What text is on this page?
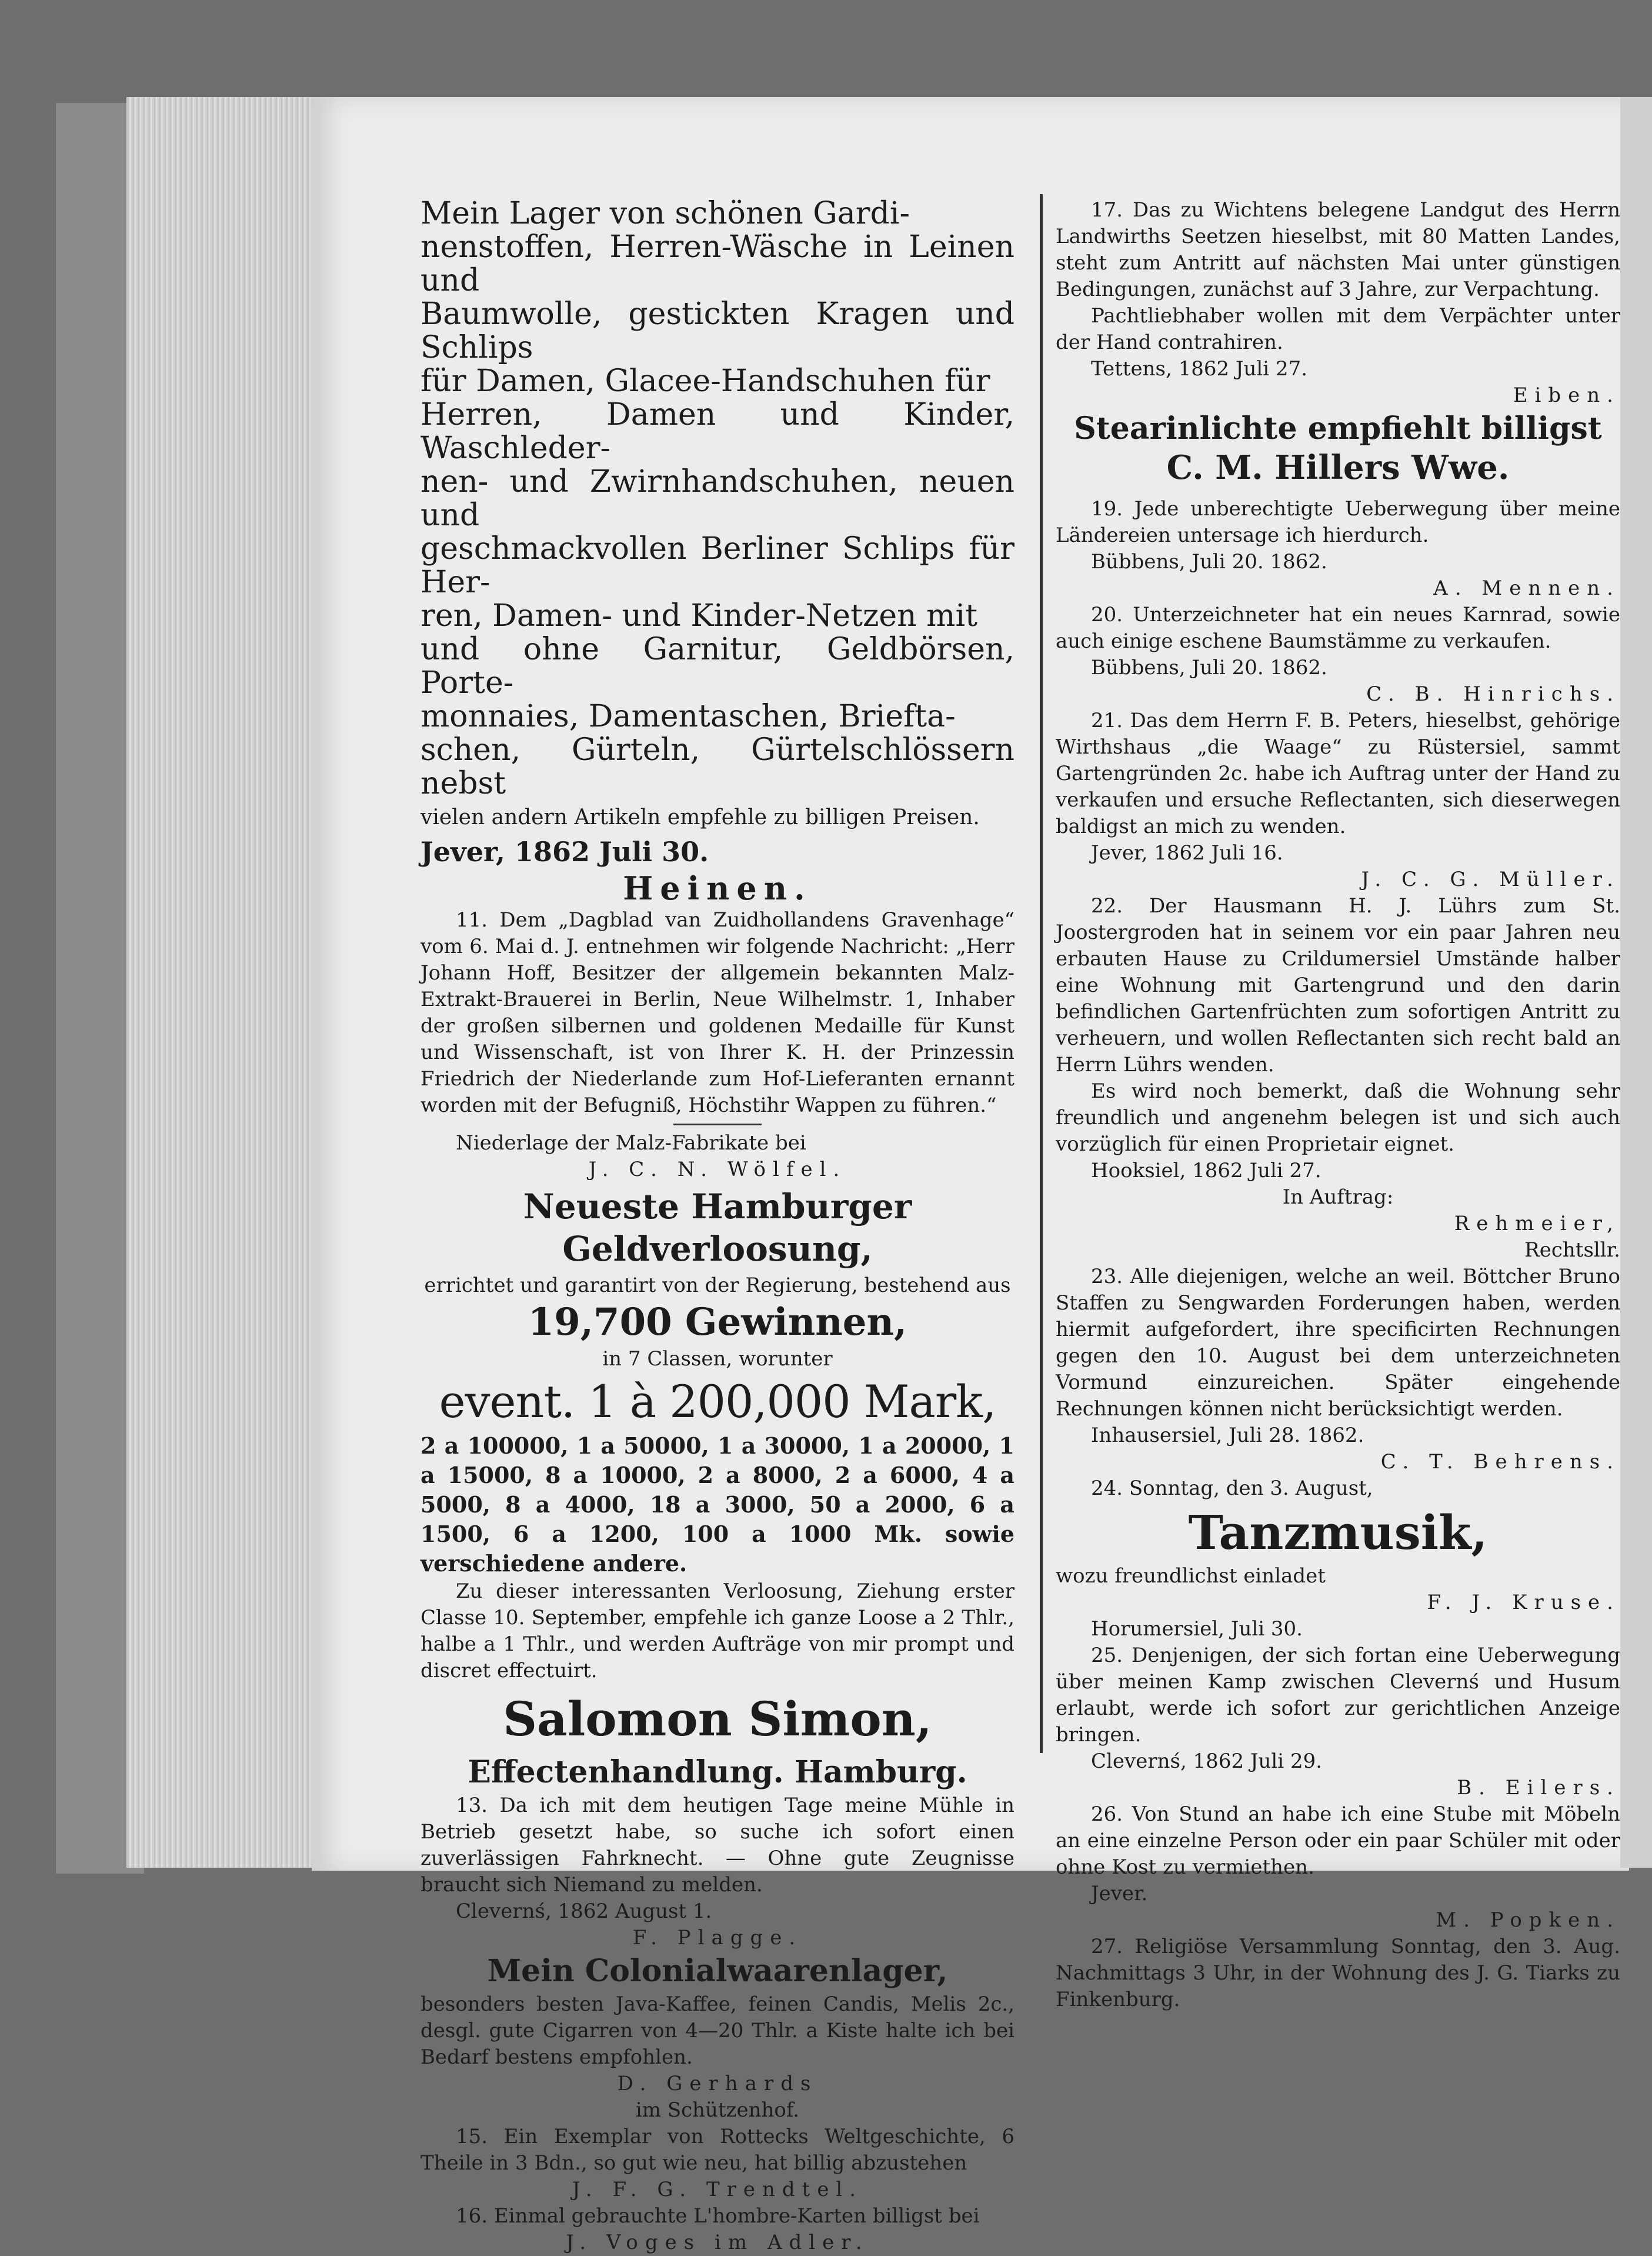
Mein Lager von schönen Gardi-

nenstoffen, Herren-Wäsche in Leinen und

Baumwolle, gestickten Kragen und Schlips

für Damen, Glacee-Handschuhen für

Herren, Damen und Kinder, Waschleder-

nen- und Zwirnhandschuhen, neuen und

geschmackvollen Berliner Schlips für Her-

ren, Damen- und Kinder-Netzen mit

und ohne Garnitur, Geldbörsen, Porte-

monnaies, Damentaschen, Briefta-

schen, Gürteln, Gürtelschlössern nebst

vielen andern Artikeln empfehle zu billigen Preisen.

Jever, 1862 Juli 30.

Heinen.

11. Dem „Dagblad van Zuidhollandens Gravenhage“ vom 6. Mai d. J. entnehmen wir folgende Nachricht: „Herr Johann Hoff, Besitzer der allgemein bekannten Malz-Extrakt-Brauerei in Berlin, Neue Wilhelmstr. 1, Inhaber der großen silbernen und goldenen Medaille für Kunst und Wissenschaft, ist von Ihrer K. H. der Prinzessin Friedrich der Niederlande zum Hof-Lieferanten ernannt worden mit der Befugniß, Höchstihr Wappen zu führen.“

Niederlage der Malz-Fabrikate bei

J. C. N. Wölfel.

Neueste Hamburger Geldverloosung,

errichtet und garantirt von der Regierung, bestehend aus

19,700 Gewinnen,

in 7 Classen, worunter

event. 1 à 200,000 Mark,

2 a 100000, 1 a 50000, 1 a 30000, 1 a 20000, 1 a 15000, 8 a 10000, 2 a 8000, 2 a 6000, 4 a 5000, 8 a 4000, 18 a 3000, 50 a 2000, 6 a 1500, 6 a 1200, 100 a 1000 Mk. sowie verschiedene andere.

Zu dieser interessanten Verloosung, Ziehung erster Classe 10. September, empfehle ich ganze Loose a 2 Thlr., halbe a 1 Thlr., und werden Aufträge von mir prompt und discret effectuirt.

Salomon Simon,

Effectenhandlung. Hamburg.

13. Da ich mit dem heutigen Tage meine Mühle in Betrieb gesetzt habe, so suche ich sofort einen zuverlässigen Fahrknecht. — Ohne gute Zeugnisse braucht sich Niemand zu melden.

Clevernś, 1862 August 1.

F. Plagge.

Mein Colonialwaarenlager,

besonders besten Java-Kaffee, feinen Candis, Melis 2c., desgl. gute Cigarren von 4—20 Thlr. a Kiste halte ich bei Bedarf bestens empfohlen.

D. Gerhards

im Schützenhof.

15. Ein Exemplar von Rottecks Weltgeschichte, 6 Theile in 3 Bdn., so gut wie neu, hat billig abzustehen

J. F. G. Trendtel.

16. Einmal gebrauchte L'hombre-Karten billigst bei

J. Voges im Adler.

17. Das zu Wichtens belegene Landgut des Herrn Landwirths Seetzen hieselbst, mit 80 Matten Landes, steht zum Antritt auf nächsten Mai unter günstigen Bedingungen, zunächst auf 3 Jahre, zur Verpachtung.

Pachtliebhaber wollen mit dem Verpächter unter der Hand contrahiren.

Tettens, 1862 Juli 27.

Eiben.

Stearinlichte empfiehlt billigst

C. M. Hillers Wwe.

19. Jede unberechtigte Ueberwegung über meine Ländereien untersage ich hierdurch.

Bübbens, Juli 20. 1862.

A. Mennen.

20. Unterzeichneter hat ein neues Karnrad, sowie auch einige eschene Baumstämme zu verkaufen.

Bübbens, Juli 20. 1862.

C. B. Hinrichs.

21. Das dem Herrn F. B. Peters, hieselbst, gehörige Wirthshaus „die Waage“ zu Rüstersiel, sammt Gartengründen 2c. habe ich Auftrag unter der Hand zu verkaufen und ersuche Reflectanten, sich dieserwegen baldigst an mich zu wenden.

Jever, 1862 Juli 16.

J. C. G. Müller.

22. Der Hausmann H. J. Lührs zum St. Joostergroden hat in seinem vor ein paar Jahren neu erbauten Hause zu Crildumersiel Umstände halber eine Wohnung mit Gartengrund und den darin befindlichen Gartenfrüchten zum sofortigen Antritt zu verheuern, und wollen Reflectanten sich recht bald an Herrn Lührs wenden.

Es wird noch bemerkt, daß die Wohnung sehr freundlich und angenehm belegen ist und sich auch vorzüglich für einen Proprietair eignet.

Hooksiel, 1862 Juli 27.

In Auftrag:

Rehmeier,

Rechtsllr.

23. Alle diejenigen, welche an weil. Böttcher Bruno Staffen zu Sengwarden Forderungen haben, werden hiermit aufgefordert, ihre specificirten Rechnungen gegen den 10. August bei dem unterzeichneten Vormund einzureichen. Später eingehende Rechnungen können nicht berücksichtigt werden.

Inhausersiel, Juli 28. 1862.

C. T. Behrens.

24. Sonntag, den 3. August,

Tanzmusik,

wozu freundlichst einladet

F. J. Kruse.

Horumersiel, Juli 30.

25. Denjenigen, der sich fortan eine Ueberwegung über meinen Kamp zwischen Clevernś und Husum erlaubt, werde ich sofort zur gerichtlichen Anzeige bringen.

Clevernś, 1862 Juli 29.

B. Eilers.

26. Von Stund an habe ich eine Stube mit Möbeln an eine einzelne Person oder ein paar Schüler mit oder ohne Kost zu vermiethen.

Jever.

M. Popken.

27. Religiöse Versammlung Sonntag, den 3. Aug. Nachmittags 3 Uhr, in der Wohnung des J. G. Tiarks zu Finkenburg.
